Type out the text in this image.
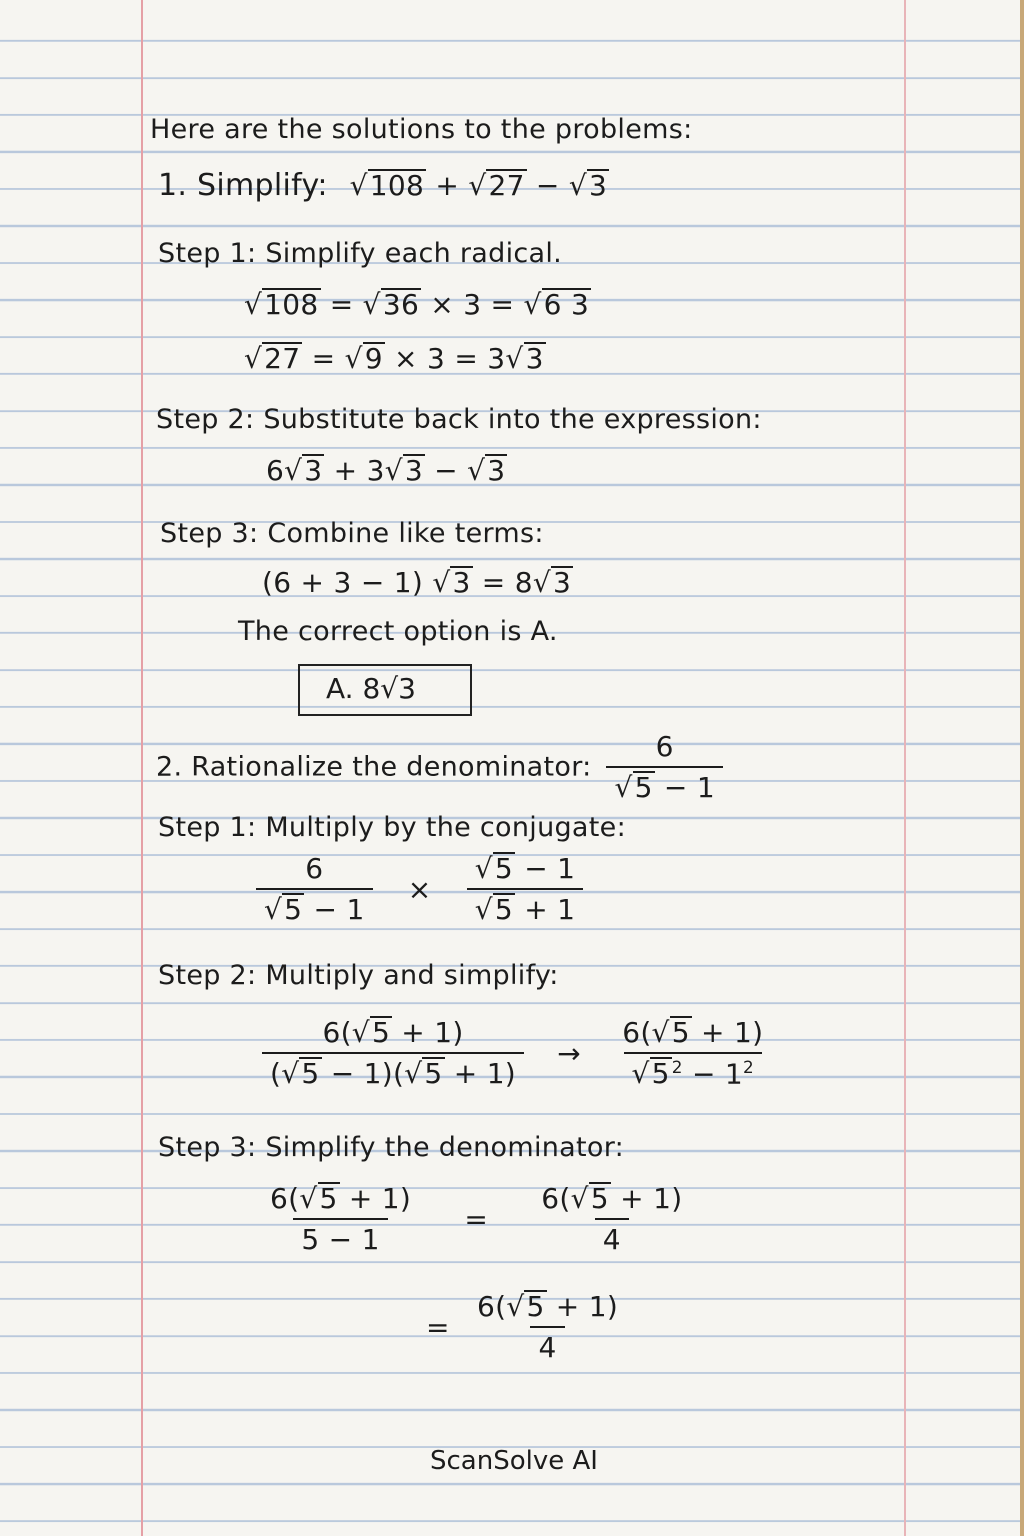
Here are the solutions to the problems:
1. Simplify: √108 + √27 − √3
Step 1: Simplify each radical.
√108 = √36 × 3 = √6 3
√27 = √9 × 3 = 3√3
Step 2: Substitute back into the expression:
6√3 + 3√3 − √3
Step 3: Combine like terms:
(6 + 3 − 1) √3 = 8√3
The correct option is A.
A. 8√3
2. Rationalize the denominator: $\frac{6}{√5 - 1}$
Step 1: Multiply by the conjugate:
$\frac{6}{√5 - 1} \times \frac{√5 - 1}{√5 + 1}$
Step 2: Multiply and simplify:
$\frac{6(√5 + 1)}{(√5 - 1)(√5 + 1)} \to \frac{6(√5 + 1)}{√5 ^2 - 1^2}$
Step 3: Simplify the denominator:
$\frac{6(√5 + 1)}{5 - 1} = \frac{6(√5 + 1)}{4}$
= $\frac{6(√5 + 1)}{4}$
ScanSolve AI
